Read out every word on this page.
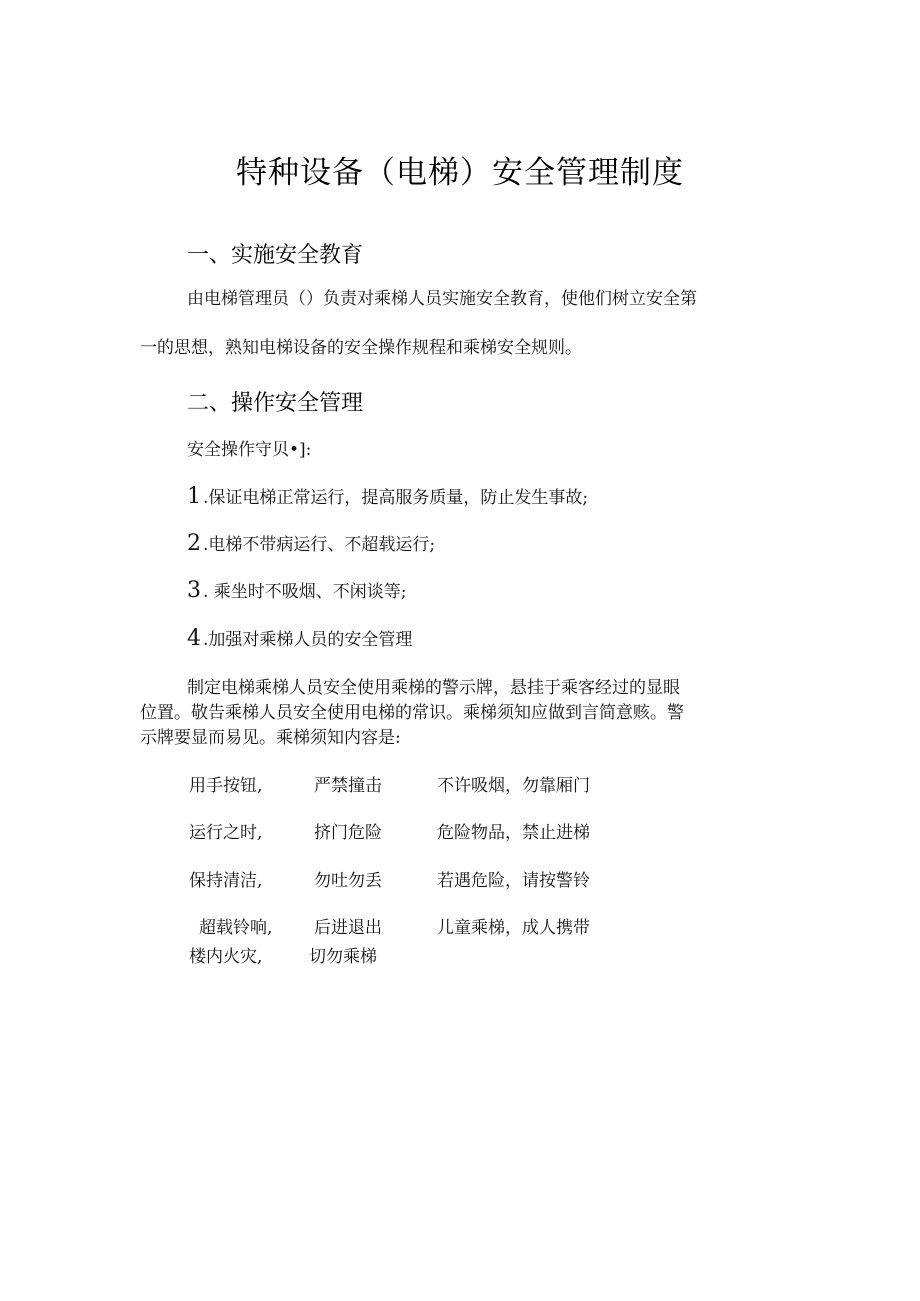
特种设备（电梯）安全管理制度
一、实施安全教育
由电梯管理员（）负责对乘梯人员实施安全教育，使他们树立安全第
一的思想，熟知电梯设备的安全操作规程和乘梯安全规则。
二、操作安全管理
安全操作守贝•]:
1 .保证电梯正常运行，提高服务质量，防止发生事故;
2 .电梯不带病运行、不超载运行;
3 . 乘坐时不吸烟、不闲谈等;
4 .加强对乘梯人员的安全管理
制定电梯乘梯人员安全使用乘梯的警示牌，悬挂于乘客经过的显眼
位置。敬告乘梯人员安全使用电梯的常识。乘梯须知应做到言简意赅。警
示牌要显而易见。乘梯须知内容是:
用手按钮,	严禁撞击	不许吸烟，勿靠厢门
运行之时,	挤门危险	危险物品，禁止进梯
保持清洁,	勿吐勿丢	若遇危险，请按警铃
超载铃响, 后进退出	儿童乘梯，成人携带
楼内火灾,	切勿乘梯
